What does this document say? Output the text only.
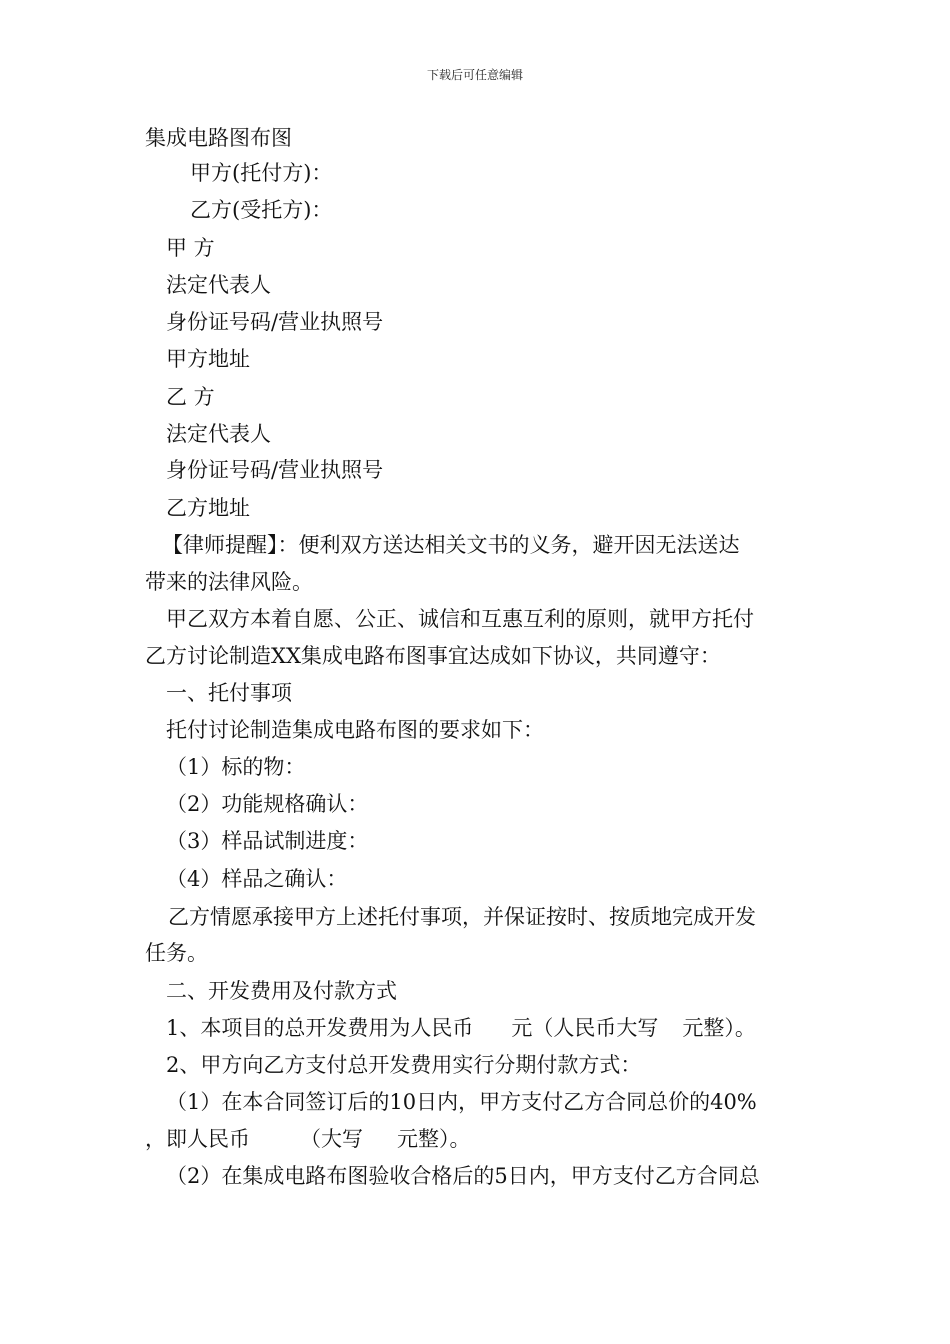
下载后可任意编辑
集成电路图布图
甲方(托付方)：
乙方(受托方)：
甲 方
法定代表人
身份证号码/营业执照号
甲方地址
乙 方
法定代表人
身份证号码/营业执照号
乙方地址
【律师提醒】：便利双方送达相关文书的义务，避开因无法送达
带来的法律风险。
甲乙双方本着自愿、公正、诚信和互惠互利的原则，就甲方托付
乙方讨论制造XX集成电路布图事宜达成如下协议，共同遵守：
一、托付事项
托付讨论制造集成电路布图的要求如下：
（1）标的物：
（2）功能规格确认：
（3）样品试制进度：
（4）样品之确认：
乙方情愿承接甲方上述托付事项，并保证按时、按质地完成开发
任务。
二、开发费用及付款方式
1、本项目的总开发费用为人民币 元（人民币大写 元整）。
2、甲方向乙方支付总开发费用实行分期付款方式：
（1）在本合同签订后的10日内，甲方支付乙方合同总价的40%
，即人民币 （大写 元整）。
（2）在集成电路布图验收合格后的5日内，甲方支付乙方合同总
